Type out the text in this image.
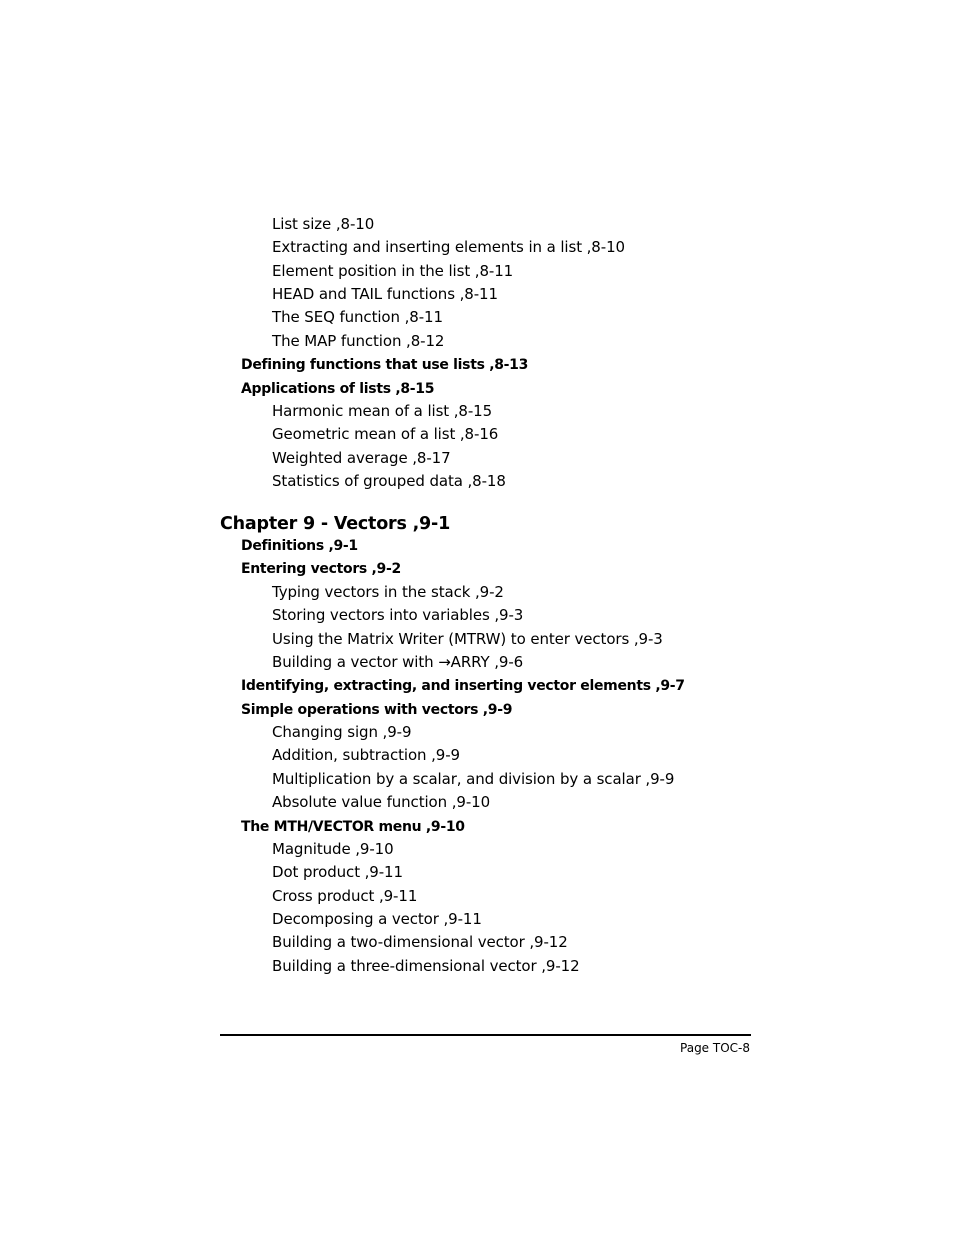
List size ,8-10
Extracting and inserting elements in a list ,8-10
Element position in the list ,8-11
HEAD and TAIL functions ,8-11
The SEQ function ,8-11
The MAP function ,8-12
Defining functions that use lists ,8-13
Applications of lists ,8-15
Harmonic mean of a list ,8-15
Geometric mean of a list ,8-16
Weighted average ,8-17
Statistics of grouped data ,8-18
Chapter 9 - Vectors ,9-1
Definitions ,9-1
Entering vectors ,9-2
Typing vectors in the stack ,9-2
Storing vectors into variables ,9-3
Using the Matrix Writer (MTRW) to enter vectors ,9-3
Building a vector with →ARRY ,9-6
Identifying, extracting, and inserting vector elements ,9-7
Simple operations with vectors ,9-9
Changing sign ,9-9
Addition, subtraction ,9-9
Multiplication by a scalar, and division by a scalar ,9-9
Absolute value function ,9-10
The MTH/VECTOR menu ,9-10
Magnitude ,9-10
Dot product ,9-11
Cross product ,9-11
Decomposing a vector ,9-11
Building a two-dimensional vector ,9-12
Building a three-dimensional vector ,9-12
Page TOC-8
